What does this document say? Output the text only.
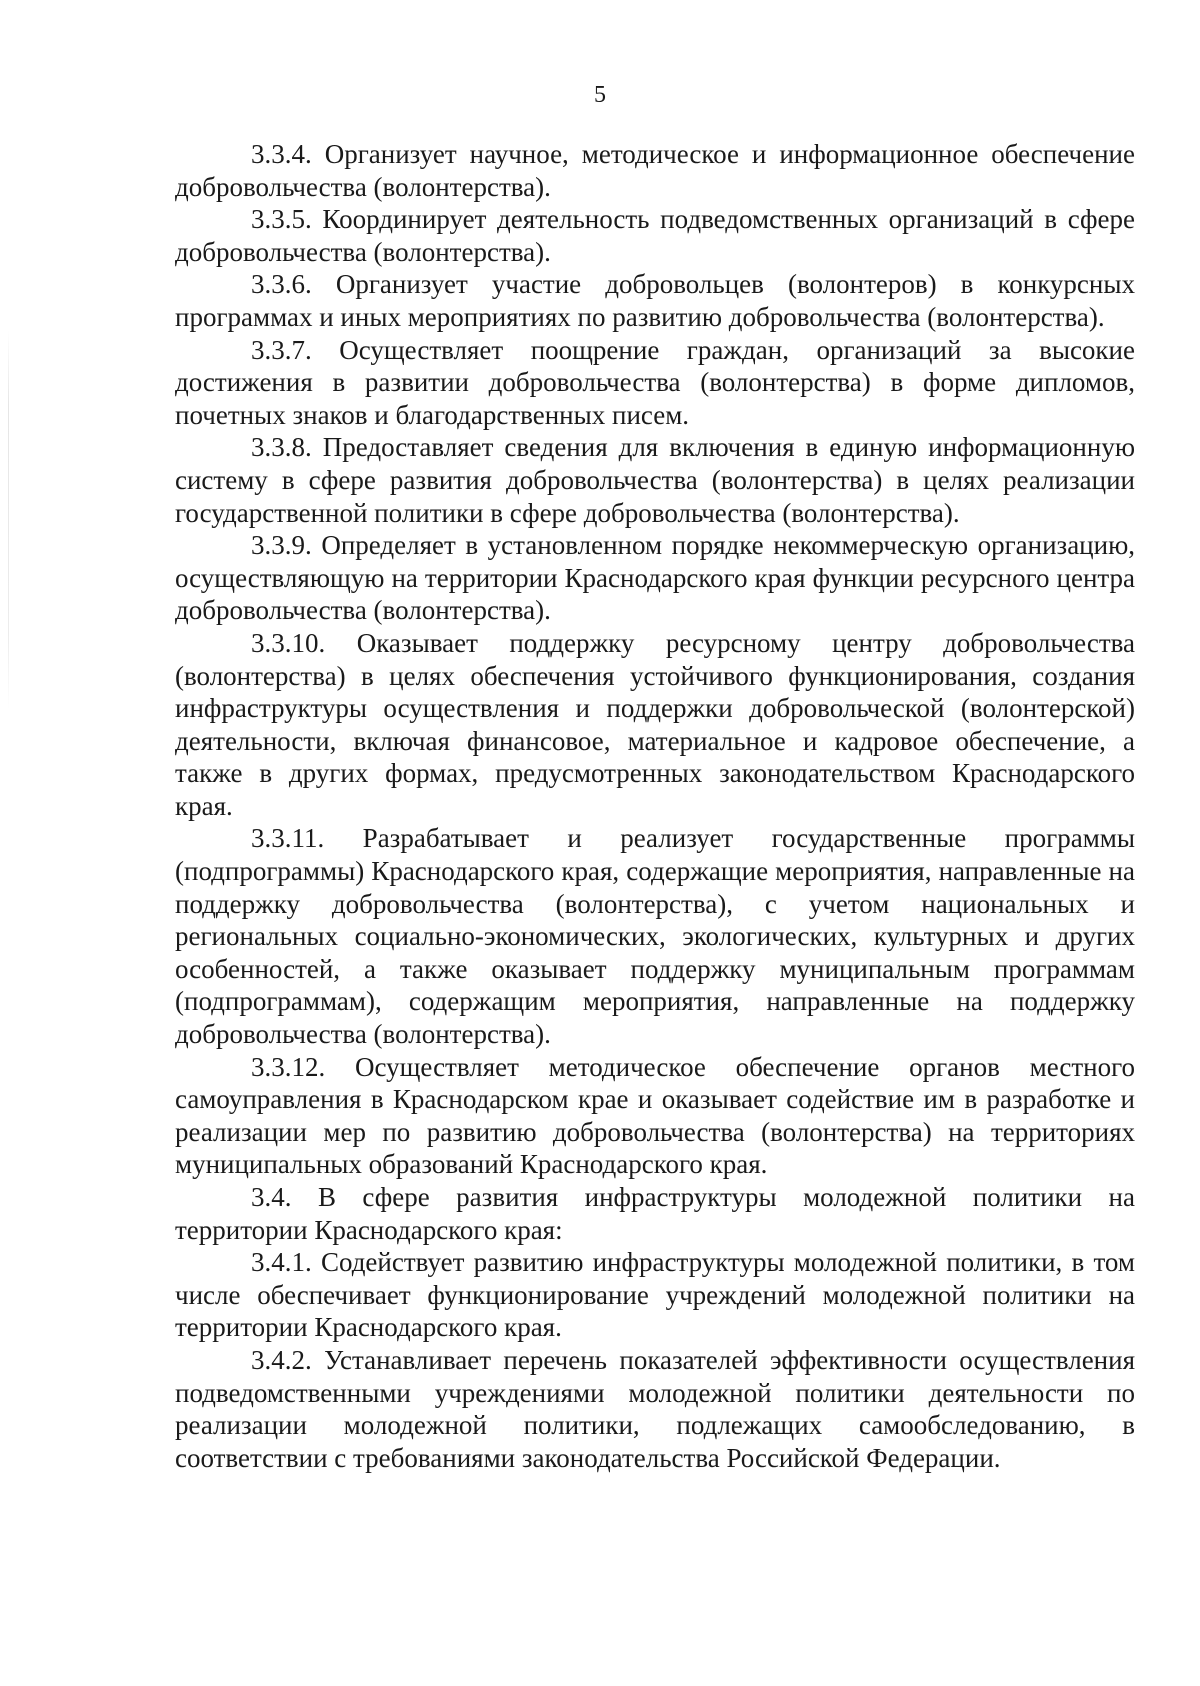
5

3.3.4. Организует научное, методическое и информационное обеспечение добровольчества (волонтерства).

3.3.5. Координирует деятельность подведомственных организаций в сфере добровольчества (волонтерства).

3.3.6. Организует участие добровольцев (волонтеров) в конкурсных программах и иных мероприятиях по развитию добровольчества (волонтерства).

3.3.7. Осуществляет поощрение граждан, организаций за высокие достижения в развитии добровольчества (волонтерства) в форме дипломов, почетных знаков и благодарственных писем.

3.3.8. Предоставляет сведения для включения в единую информационную систему в сфере развития добровольчества (волонтерства) в целях реализации государственной политики в сфере добровольчества (волонтерства).

3.3.9. Определяет в установленном порядке некоммерческую организацию, осуществляющую на территории Краснодарского края функции ресурсного центра добровольчества (волонтерства).

3.3.10. Оказывает поддержку ресурсному центру добровольчества (волонтерства) в целях обеспечения устойчивого функционирования, создания инфраструктуры осуществления и поддержки добровольческой (волонтерской) деятельности, включая финансовое, материальное и кадровое обеспечение, а также в других формах, предусмотренных законодательством Краснодарского края.

3.3.11. Разрабатывает и реализует государственные программы (подпрограммы) Краснодарского края, содержащие мероприятия, направленные на поддержку добровольчества (волонтерства), с учетом национальных и региональных социально-экономических, экологических, культурных и других особенностей, а также оказывает поддержку муниципальным программам (подпрограммам), содержащим мероприятия, направленные на поддержку добровольчества (волонтерства).

3.3.12. Осуществляет методическое обеспечение органов местного самоуправления в Краснодарском крае и оказывает содействие им в разработке и реализации мер по развитию добровольчества (волонтерства) на территориях муниципальных образований Краснодарского края.

3.4. В сфере развития инфраструктуры молодежной политики на территории Краснодарского края:

3.4.1. Содействует развитию инфраструктуры молодежной политики, в том числе обеспечивает функционирование учреждений молодежной политики на территории Краснодарского края.

3.4.2. Устанавливает перечень показателей эффективности осуществления подведомственными учреждениями молодежной политики деятельности по реализации молодежной политики, подлежащих самообследованию, в соответствии с требованиями законодательства Российской Федерации.
